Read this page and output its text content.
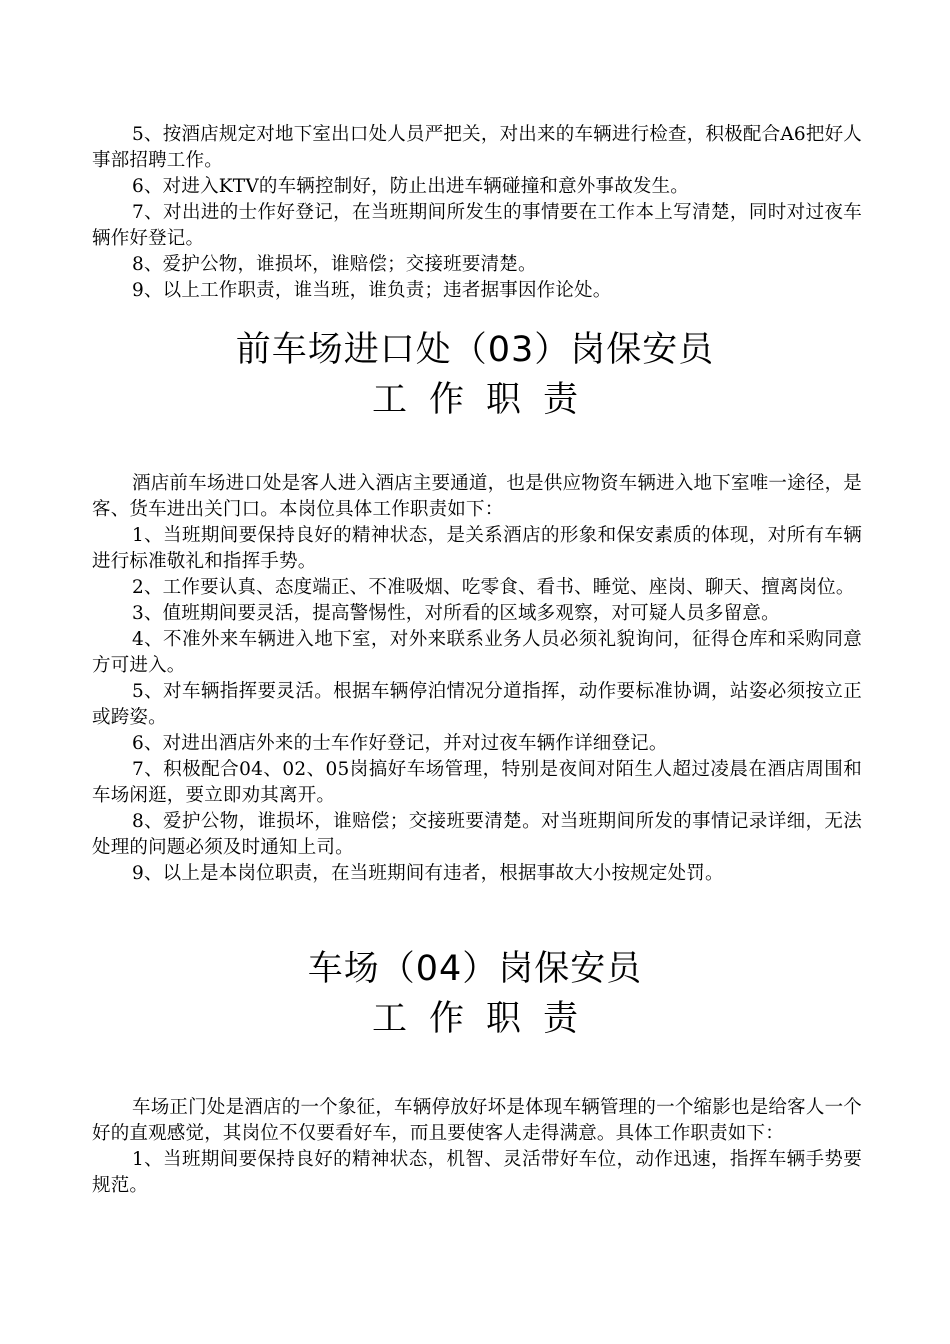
5、按酒店规定对地下室出口处人员严把关，对出来的车辆进行检查，积极配合A6把好人事部招聘工作。

6、对进入KTV的车辆控制好，防止出进车辆碰撞和意外事故发生。

7、对出进的士作好登记，在当班期间所发生的事情要在工作本上写清楚，同时对过夜车辆作好登记。

8、爱护公物，谁损坏，谁赔偿；交接班要清楚。

9、以上工作职责，谁当班，谁负责；违者据事因作论处。

前车场进口处（03）岗保安员
工作职责

酒店前车场进口处是客人进入酒店主要通道，也是供应物资车辆进入地下室唯一途径，是客、货车进出关门口。本岗位具体工作职责如下：

1、当班期间要保持良好的精神状态，是关系酒店的形象和保安素质的体现，对所有车辆进行标准敬礼和指挥手势。

2、工作要认真、态度端正、不准吸烟、吃零食、看书、睡觉、座岗、聊天、擅离岗位。

3、值班期间要灵活，提高警惕性，对所看的区域多观察，对可疑人员多留意。

4、不准外来车辆进入地下室，对外来联系业务人员必须礼貌询问，征得仓库和采购同意方可进入。

5、对车辆指挥要灵活。根据车辆停泊情况分道指挥，动作要标准协调，站姿必须按立正或跨姿。

6、对进出酒店外来的士车作好登记，并对过夜车辆作详细登记。

7、积极配合04、02、05岗搞好车场管理，特别是夜间对陌生人超过凌晨在酒店周围和车场闲逛，要立即劝其离开。

8、爱护公物，谁损坏，谁赔偿；交接班要清楚。对当班期间所发的事情记录详细，无法处理的问题必须及时通知上司。

9、以上是本岗位职责，在当班期间有违者，根据事故大小按规定处罚。

车场（04）岗保安员
工作职责

车场正门处是酒店的一个象征，车辆停放好坏是体现车辆管理的一个缩影也是给客人一个好的直观感觉，其岗位不仅要看好车，而且要使客人走得满意。具体工作职责如下：

1、当班期间要保持良好的精神状态，机智、灵活带好车位，动作迅速，指挥车辆手势要规范。
